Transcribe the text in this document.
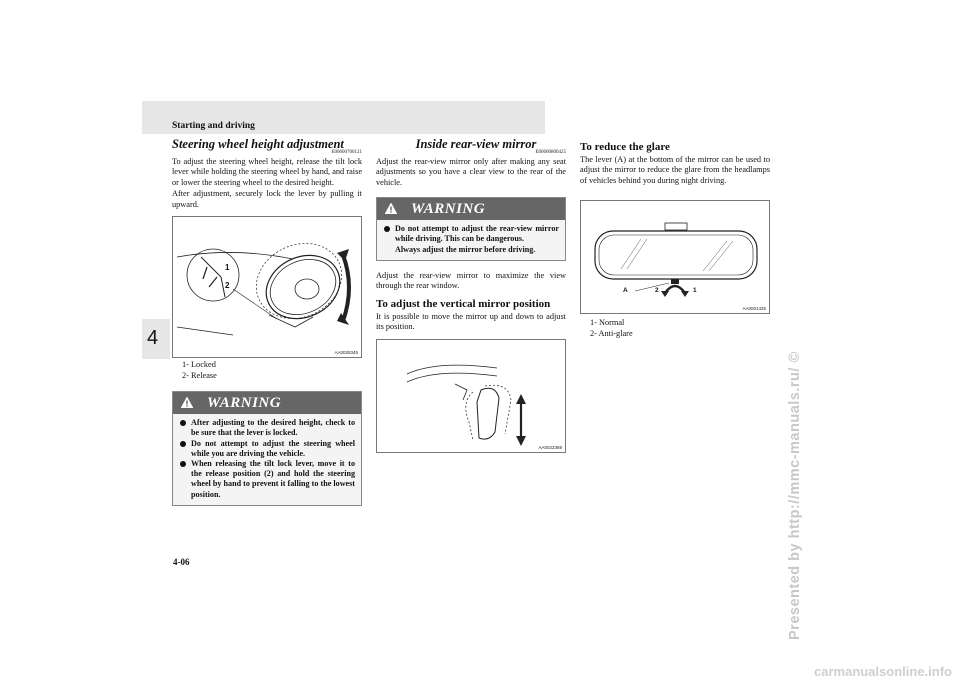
Starting and driving
4
4-06	Presented by http://mmc-manuals.ru/ ©
carmanualsonline.info
Steering wheel height adjustment
E00600700121

To adjust the steering wheel height, release the tilt lock lever while holding the steering wheel by hand, and raise or lower the steering wheel to the desired height.

After adjustment, securely lock the lever by pulling it upward.

1
2
AA0028345
1- Locked
2- Release
WARNING
After adjusting to the desired height, check to be sure that the lever is locked.
Do not attempt to adjust the steering wheel while you are driving the vehicle.
When releasing the tilt lock lever, move it to the release position (2) and hold the steering wheel by hand to prevent it falling to the lowest position.
Inside rear-view mirror
E00600800425

Adjust the rear-view mirror only after making any seat adjustments so you have a clear view to the rear of the vehicle.

WARNING
Do not attempt to adjust the rear-view mirror while driving. This can be dangerous.
Always adjust the mirror before driving.

Adjust the rear-view mirror to maximize the view through the rear window.

To adjust the vertical mirror position

It is possible to move the mirror up and down to adjust its position.

AA0022369
To reduce the glare

The lever (A) at the bottom of the mirror can be used to adjust the mirror to reduce the glare from the headlamps of vehicles behind you during night driving.

A	2	1
AA0001425
1- Normal
2- Anti-glare
